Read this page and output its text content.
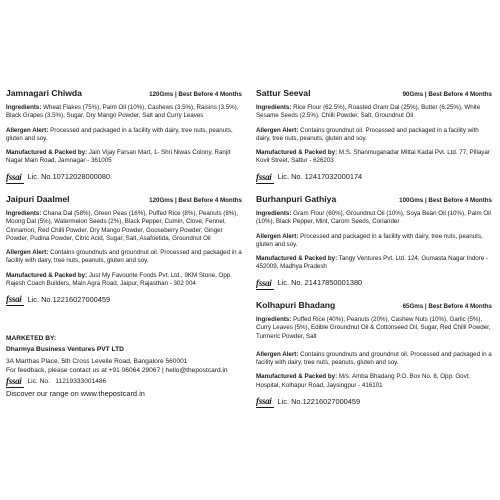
Jamnagari Chiwda	120Gms | Best Before 4 Months

Ingredients: Wheat Flakes (75%), Palm Oil (10%), Cashews (3.5%), Raisins (3.5%), Black Grapes (3.5%), Sugar, Dry Mango Powder, Salt and Curry Leaves

Allergen Alert: Processed and packaged in a facility with dairy, tree nuts, peanuts, gluten and soy.

Manufactured & Packed by: Jain Vijay Farsan Mart, 1- Shri Niwas Colony, Ranjit Nagar Main Road, Jamnagar - 361005

fssai Lic. No.10712028000080
Jaipuri Daalmel	120Gms | Best Before 4 Months

Ingredients: Chana Dal (58%), Green Peas (16%), Puffed Rice (8%), Peanuts (8%), Moong Dal (5%), Watermelon Seeds (2%), Black Pepper, Cumin, Clove, Fennel, Cinnamon, Red Chilli Powder, Dry Mango Powder, Gooseberry Powder, Ginger Powder, Pudina Powder, Citric Acid, Sugar, Salt, Asafoetida, Groundnut Oil

Allergen Alert: Contains groundnuts and groundnut oil. Processed and packaged in a facility with dairy, tree nuts, peanuts, gluten and soy.

Manufactured & Packed by: Just My Favourite Foods Pvt. Ltd., 9KM Stone, Opp. Rajesh Coach Builders, Main Agra Road, Jaipur, Rajasthan - 302 004

fssai Lic. No.12216027000459
MARKETED BY:
Dharmya Business Ventures PVT LTD
3A Marthas Place, 5th Cross Levelle Road, Bangalore 560001
For feedback, please contact us at +91 06064 29067 | hello@thepostcard.in
fssai Lic. No.   11219333001486
Discover our range on www.thepostcard.in
Sattur Seeval	90Gms | Best Before 4 Months

Ingredients: Rice Flour (62.5%), Roasted Gram Dal (25%), Butter (6.25%), White Sesame Seeds (2.5%), Chilli Powder, Salt, Groundnut Oil

Allergen Alert: Contains groundnut oil. Processed and packaged in a facility with dairy, tree nuts, peanuts, gluten and soy.

Manufactured & Packed by: M.S. Shanmuganadar Mittai Kadai Pvt. Ltd. 77, Pillayar Kovil Street, Sattur - 626203

fssai Lic. No. 12417032000174
Burhanpuri Gathiya	100Gms | Best Before 4 Months

Ingredients: Gram Flour (60%), Groundnut Oil (10%), Soya Bean Oil (10%), Palm Oil (10%), Black Pepper, Mint, Carom Seeds, Coriander

Allergen Alert: Processed and packaged in a facility with dairy, tree nuts, peanuts, gluten and soy.

Manufactured & Packed by: Tangy Ventures Pvt. Ltd. 124, Gumasta Nagar Indore - 452009, Madhya Pradesh

fssai Lic. No. 21417850001380
Kolhapuri Bhadang	65Gms | Best Before 4 Months

Ingredients: Puffed Rice (40%), Peanuts (20%), Cashew Nuts (10%), Garlic (5%), Curry Leaves (5%), Edible Groundnut Oil & Cottonseed Oil, Sugar, Red Chilli Powder, Turmeric Powder, Salt

Allergen Alert: Contains groundnuts and groundnut oil. Processed and packaged in a facility with dairy, tree nuts, peanuts, gluten and soy.

Manufactured & Packed by: M/s. Amba Bhadang P.O. Box No. 8, Opp. Govt. Hospital, Kolhapur Road, Jaysingpur - 416101

fssai Lic. No.12216027000459
